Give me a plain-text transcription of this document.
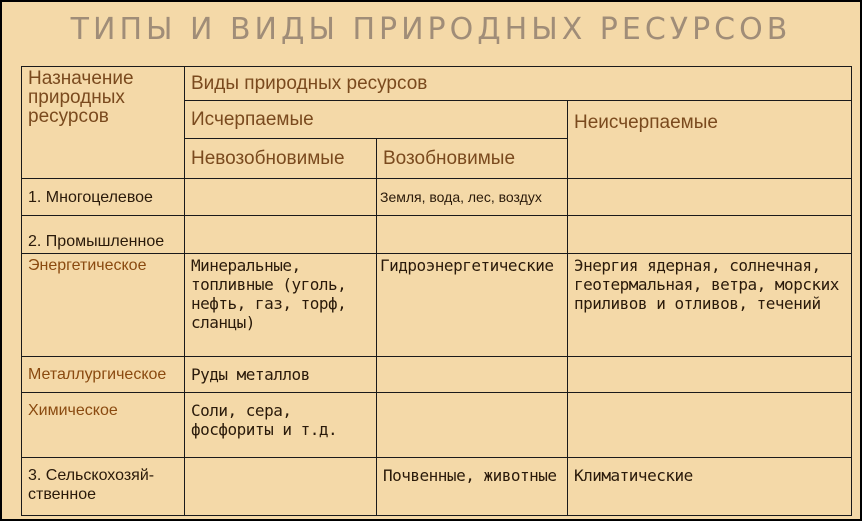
ТИПЫ И ВИДЫ ПРИРОДНЫХ РЕСУРСОВ
Назначение природных ресурсов	Виды природных ресурсов		
	Исчерпаемые		Неисчерпаемые
	Невозобновимые	Возобновимые	
1. Многоцелевое		Земля, вода, лес, воздух	
2. Промышленное			
Энергетическое	Минеральные, топливные (уголь, нефть, газ, торф, сланцы)	Гидроэнергетические	Энергия ядерная, солнечная, геотермальная, ветра, морских приливов и отливов, течений
Металлургическое	Руды металлов		
Химическое	Соли, сера, фосфориты и т.д.		
3. Сельскохозяй-ственное		Почвенные, животные	Климатические
